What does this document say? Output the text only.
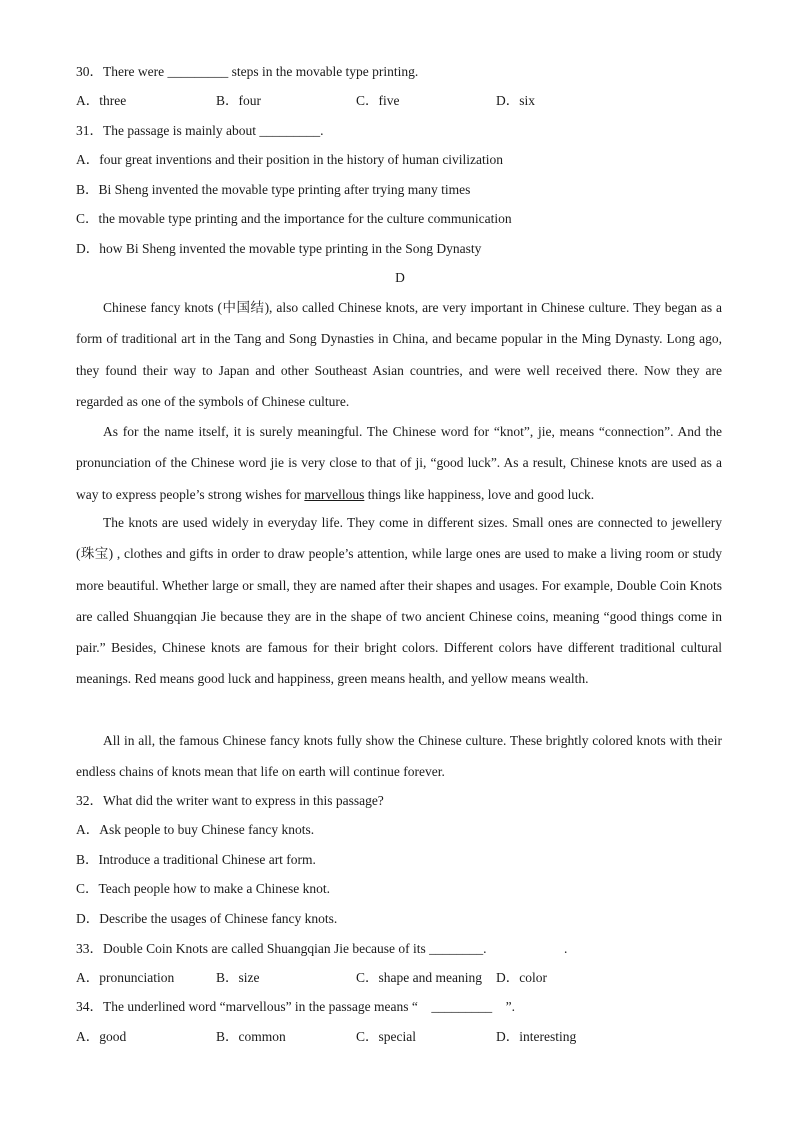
30．There were _________ steps in the movable type printing.
A．three	B．four	C．five	D．six
31．The passage is mainly about _________.
A．four great inventions and their position in the history of human civilization
B．Bi Sheng invented the movable type printing after trying many times
C．the movable type printing and the importance for the culture communication
D．how Bi Sheng invented the movable type printing in the Song Dynasty
D

Chinese fancy knots (中国结), also called Chinese knots, are very important in Chinese culture. They began as a form of traditional art in the Tang and Song Dynasties in China, and became popular in the Ming Dynasty. Long ago, they found their way to Japan and other Southeast Asian countries, and were well received there. Now they are regarded as one of the symbols of Chinese culture.

As for the name itself, it is surely meaningful. The Chinese word for “knot”, jie, means “connection”. And the pronunciation of the Chinese word jie is very close to that of ji, “good luck”. As a result, Chinese knots are used as a way to express people’s strong wishes for marvellous things like happiness, love and good luck.

The knots are used widely in everyday life. They come in different sizes. Small ones are connected to jewellery (珠宝) , clothes and gifts in order to draw people’s attention, while large ones are used to make a living room or study more beautiful. Whether large or small, they are named after their shapes and usages. For example, Double Coin Knots are called Shuangqian Jie because they are in the shape of two ancient Chinese coins, meaning “good things come in pair.” Besides, Chinese knots are famous for their bright colors. Different colors have different traditional cultural meanings. Red means good luck and happiness, green means health, and yellow means wealth.

All in all, the famous Chinese fancy knots fully show the Chinese culture. These brightly colored knots with their endless chains of knots mean that life on earth will continue forever.

32．What did the writer want to express in this passage?
A．Ask people to buy Chinese fancy knots.
B．Introduce a traditional Chinese art form.
C．Teach people how to make a Chinese knot.
D．Describe the usages of Chinese fancy knots.
33．Double Coin Knots are called Shuangqian Jie because of its ________.	.
A．pronunciation	B．size	C．shape and meaning D．color
34．The underlined word “marvellous” in the passage means “　_________　”.
A．good	B．common	C．special	D．interesting
